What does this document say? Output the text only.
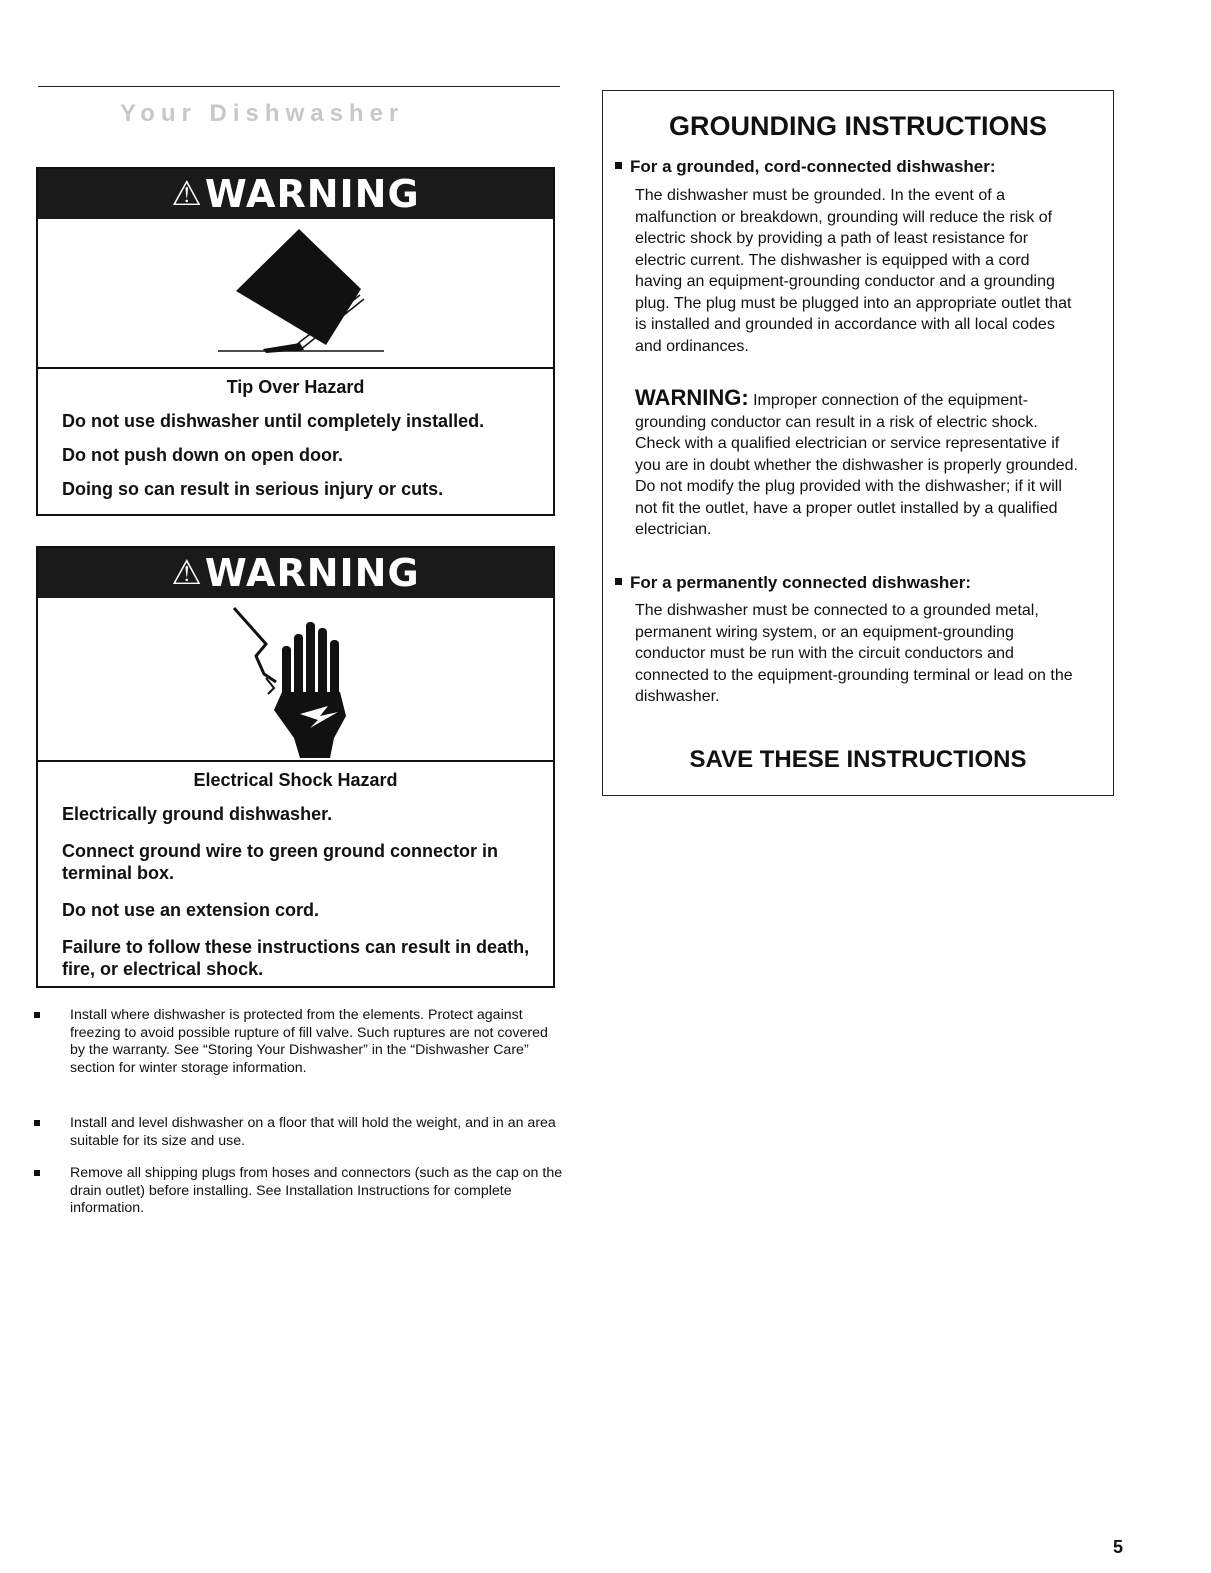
Your Dishwasher
⚠ WARNING
Tip Over Hazard
Do not use dishwasher until completely installed.
Do not push down on open door.
Doing so can result in serious injury or cuts.
⚠ WARNING
Electrical Shock Hazard
Electrically ground dishwasher.
Connect ground wire to green ground connector in terminal box.
Do not use an extension cord.
Failure to follow these instructions can result in death, fire, or electrical shock.
Install where dishwasher is protected from the elements. Protect against freezing to avoid possible rupture of fill valve. Such ruptures are not covered by the warranty. See “Storing Your Dishwasher” in the “Dishwasher Care” section for winter storage information.
Install and level dishwasher on a floor that will hold the weight, and in an area suitable for its size and use.
Remove all shipping plugs from hoses and connectors (such as the cap on the drain outlet) before installing. See Installation Instructions for complete information.
GROUNDING INSTRUCTIONS
For a grounded, cord-connected dishwasher:
The dishwasher must be grounded. In the event of a malfunction or breakdown, grounding will reduce the risk of electric shock by providing a path of least resistance for electric current. The dishwasher is equipped with a cord having an equipment-grounding conductor and a grounding plug. The plug must be plugged into an appropriate outlet that is installed and grounded in accordance with all local codes and ordinances.
WARNING: Improper connection of the equipment-grounding conductor can result in a risk of electric shock. Check with a qualified electrician or service representative if you are in doubt whether the dishwasher is properly grounded. Do not modify the plug provided with the dishwasher; if it will not fit the outlet, have a proper outlet installed by a qualified electrician.
For a permanently connected dishwasher:
The dishwasher must be connected to a grounded metal, permanent wiring system, or an equipment-grounding conductor must be run with the circuit conductors and connected to the equipment-grounding terminal or lead on the dishwasher.
SAVE THESE INSTRUCTIONS
5
